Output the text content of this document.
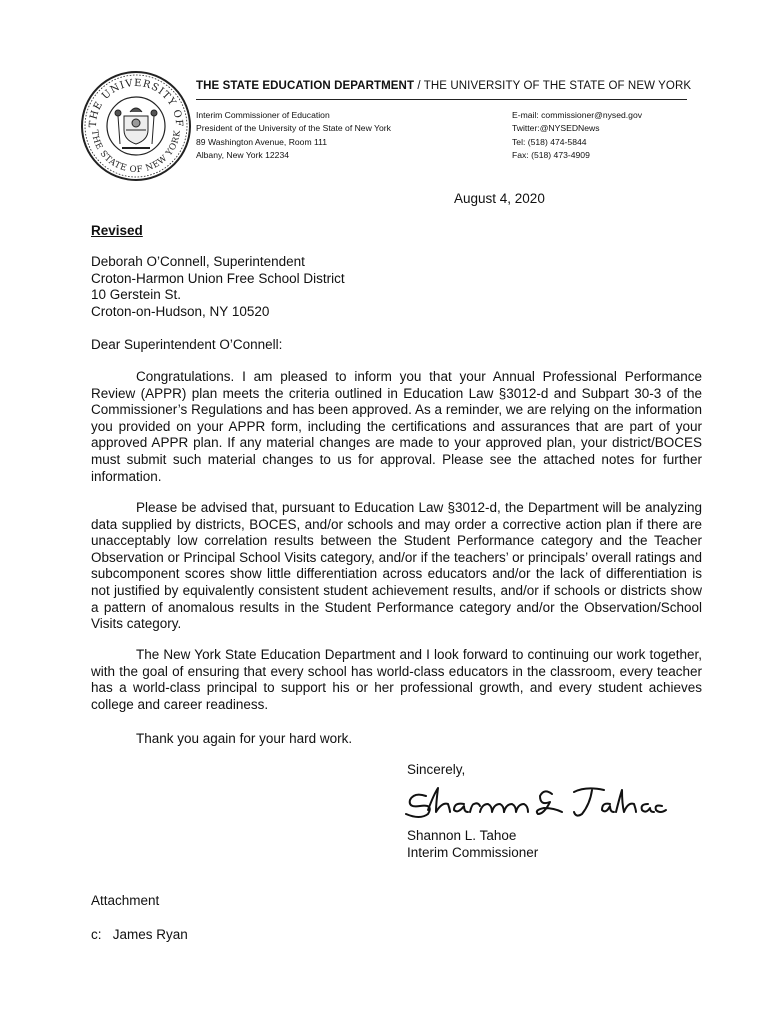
THE UNIVERSITY OF
THE STATE OF NEW YORK
THE STATE EDUCATION DEPARTMENT / THE UNIVERSITY OF THE STATE OF NEW YORK
Interim Commissioner of Education
President of the University of the State of New York
89 Washington Avenue, Room 111
Albany, New York 12234
E-mail: commissioner@nysed.gov
Twitter:@NYSEDNews
Tel: (518) 474-5844
Fax: (518) 473-4909
August 4, 2020
Revised
Deborah O’Connell, Superintendent
Croton-Harmon Union Free School District
10 Gerstein St.
Croton-on-Hudson, NY 10520
Dear Superintendent O’Connell:
Congratulations. I am pleased to inform you that your Annual Professional Performance Review (APPR) plan meets the criteria outlined in Education Law §3012-d and Subpart 30-3 of the Commissioner’s Regulations and has been approved. As a reminder, we are relying on the information you provided on your APPR form, including the certifications and assurances that are part of your approved APPR plan. If any material changes are made to your approved plan, your district/BOCES must submit such material changes to us for approval. Please see the attached notes for further information.
Please be advised that, pursuant to Education Law §3012-d, the Department will be analyzing data supplied by districts, BOCES, and/or schools and may order a corrective action plan if there are unacceptably low correlation results between the Student Performance category and the Teacher Observation or Principal School Visits category, and/or if the teachers’ or principals’ overall ratings and subcomponent scores show little differentiation across educators and/or the lack of differentiation is not justified by equivalently consistent student achievement results, and/or if schools or districts show a pattern of anomalous results in the Student Performance category and/or the Observation/School Visits category.
The New York State Education Department and I look forward to continuing our work together, with the goal of ensuring that every school has world-class educators in the classroom, every teacher has a world-class principal to support his or her professional growth, and every student achieves college and career readiness.
Thank you again for your hard work.
Sincerely,
Shannon L. Tahoe
Interim Commissioner
Attachment
c:   James Ryan
